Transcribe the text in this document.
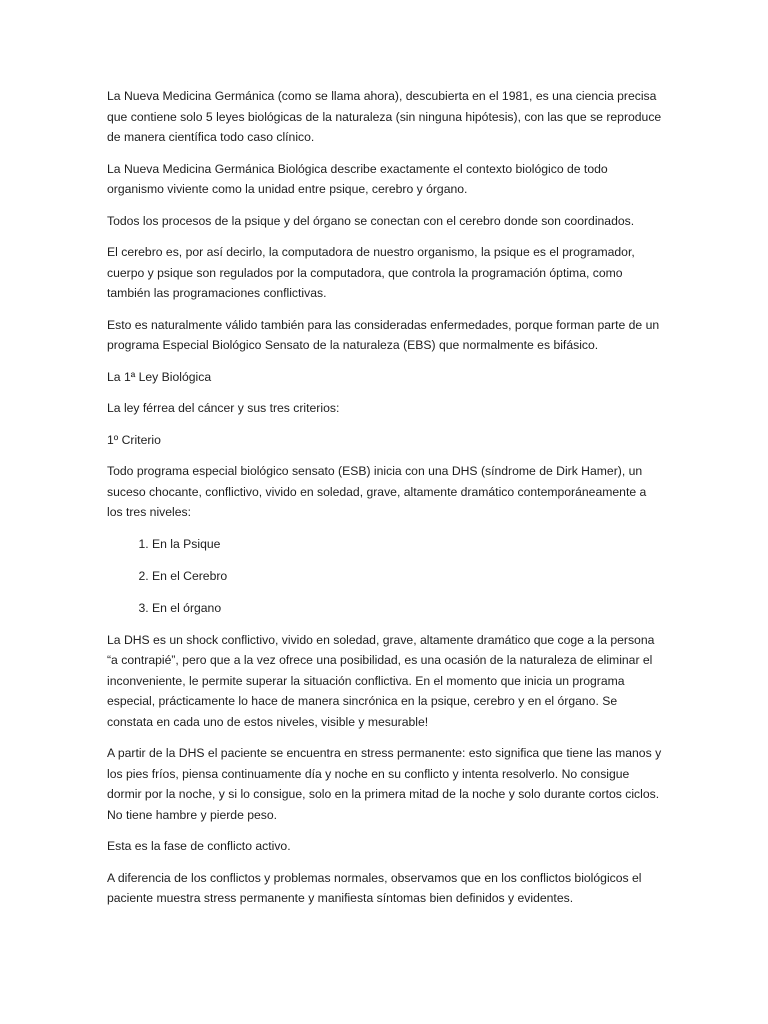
La Nueva Medicina Germánica (como se llama ahora), descubierta en el 1981, es una ciencia precisa que contiene solo 5 leyes biológicas de la naturaleza (sin ninguna hipótesis), con las que se reproduce de manera científica todo caso clínico.

La Nueva Medicina Germánica Biológica describe exactamente el contexto biológico de todo organismo viviente como la unidad entre psique, cerebro y órgano.

Todos los procesos de la psique y del órgano se conectan con el cerebro donde son coordinados.

El cerebro es, por así decirlo, la computadora de nuestro organismo, la psique es el programador, cuerpo y psique son regulados por la computadora, que controla la programación óptima, como también las programaciones conflictivas.

Esto es naturalmente válido también para las consideradas enfermedades, porque forman parte de un programa Especial Biológico Sensato de la naturaleza (EBS) que normalmente es bifásico.

La 1ª Ley Biológica

La ley férrea del cáncer y sus tres criterios:

1º Criterio

Todo programa especial biológico sensato (ESB) inicia con una DHS (síndrome de Dirk Hamer), un suceso chocante, conflictivo, vivido en soledad, grave, altamente dramático contemporáneamente a los tres niveles:

1. En la Psique
2. En el Cerebro
3. En el órgano

La DHS es un shock conflictivo, vivido en soledad, grave, altamente dramático que coge a la persona “a contrapié”, pero que a la vez ofrece una posibilidad, es una ocasión de la naturaleza de eliminar el inconveniente, le permite superar la situación conflictiva. En el momento que inicia un programa especial, prácticamente lo hace de manera sincrónica en la psique, cerebro y en el órgano. Se constata en cada uno de estos niveles, visible y mesurable!

A partir de la DHS el paciente se encuentra en stress permanente: esto significa que tiene las manos y los pies fríos, piensa continuamente día y noche en su conflicto y intenta resolverlo. No consigue dormir por la noche, y si lo consigue, solo en la primera mitad de la noche y solo durante cortos ciclos. No tiene hambre y pierde peso.

Esta es la fase de conflicto activo.

A diferencia de los conflictos y problemas normales, observamos que en los conflictos biológicos el paciente muestra stress permanente y manifiesta síntomas bien definidos y evidentes.
